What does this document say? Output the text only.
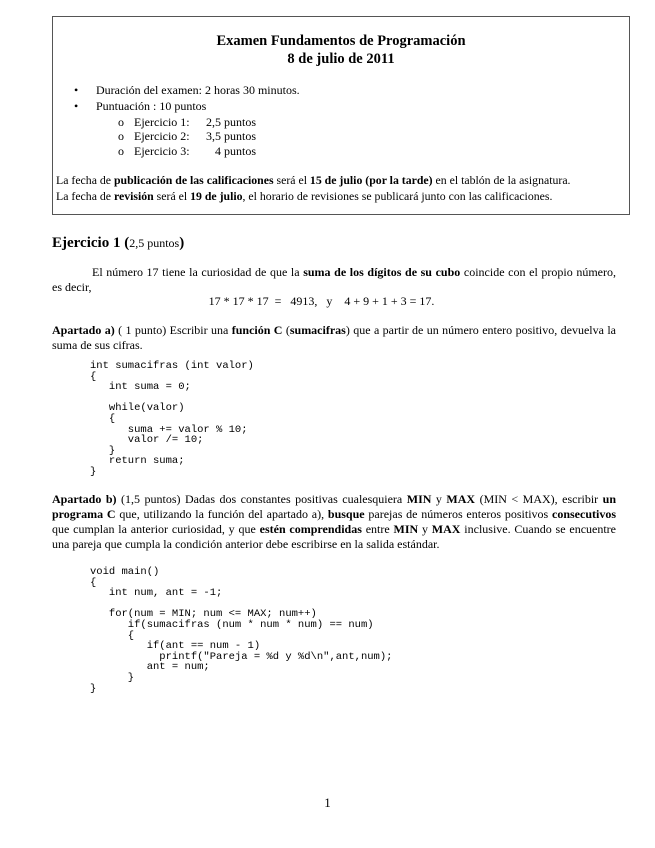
Examen Fundamentos de Programación
8 de julio de 2011
• Duración del examen: 2 horas 30 minutos.
• Puntuación : 10 puntos
Ejercicio 1: 2,5 puntos
Ejercicio 2: 3,5 puntos
Ejercicio 3: 4 puntos
La fecha de publicación de las calificaciones será el 15 de julio (por la tarde) en el tablón de la asignatura.
La fecha de revisión será el 19 de julio, el horario de revisiones se publicará junto con las calificaciones.
Ejercicio 1 (2,5 puntos)

El número 17 tiene la curiosidad de que la suma de los dígitos de su cubo coincide con el propio número, es decir,

17 * 17 * 17  =   4913,   y    4 + 9 + 1 + 3 = 17.

Apartado a) ( 1 punto) Escribir una función C (sumacifras) que a partir de un número entero positivo, devuelva la suma de sus cifras.

int sumacifras (int valor)
{
int suma = 0;

while(valor)
{
suma += valor % 10;
valor /= 10;
}
return suma;
}

Apartado b) (1,5 puntos) Dadas dos constantes positivas cualesquiera MIN y MAX (MIN < MAX), escribir un programa C que, utilizando la función del apartado a), busque parejas de números enteros positivos consecutivos que cumplan la anterior curiosidad, y que estén comprendidas entre MIN y MAX inclusive. Cuando se encuentre una pareja que cumpla la condición anterior debe escribirse en la salida estándar.

void main()
{
int num, ant = -1;

for(num = MIN; num <= MAX; num++)
if(sumacifras (num * num * num) == num)
{
if(ant == num - 1)
printf("Pareja = %d y %d\n",ant,num);
ant = num;
}
}
1
